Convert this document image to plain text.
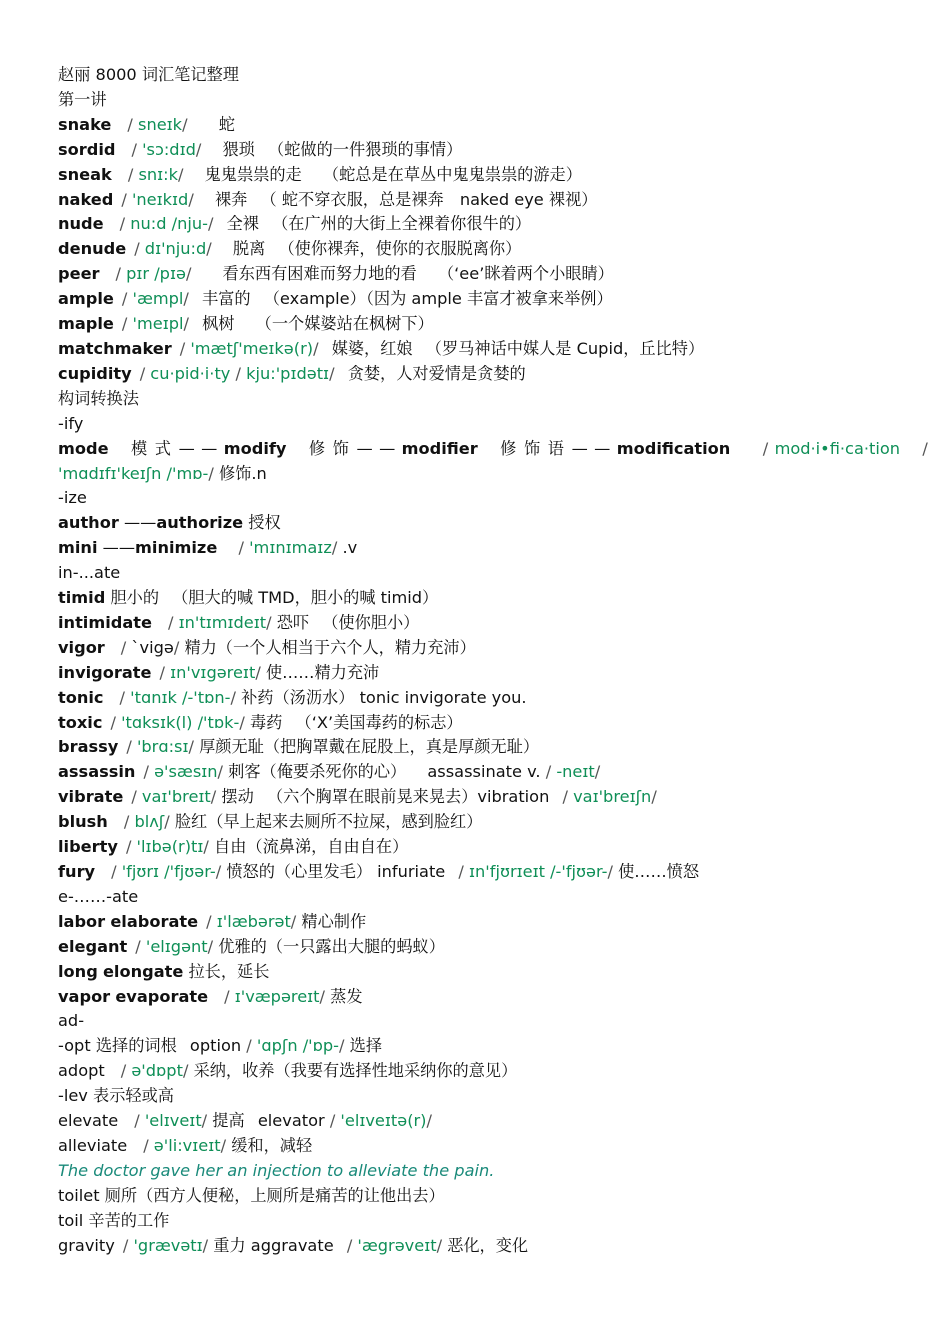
赵丽 8000 词汇笔记整理
第一讲
snake / sneɪk/ 蛇
sordid / 'sɔ:dɪd/ 猥琐 （蛇做的一件猥琐的事情）
sneak / snɪ:k/ 鬼鬼祟祟的走 （蛇总是在草丛中鬼鬼祟祟的游走）
naked / 'neɪkɪd/ 裸奔 （ 蛇不穿衣服，总是裸奔　naked eye 裸视）
nude / nu:d /nju-/ 全裸 （在广州的大街上全裸着你很牛的）
denude / dɪ'nju:d/ 脱离 （使你裸奔，使你的衣服脱离你）
peer / pɪr /pɪə/ 看东西有困难而努力地的看 （‘ee’眯着两个小眼睛）
ample / 'æmpl/ 丰富的 （example）（因为 ample 丰富才被拿来举例）
maple / 'meɪpl/ 枫树 （一个媒婆站在枫树下）
matchmaker / 'mætʃ'meɪkə(r)/ 媒婆，红娘 （罗马神话中媒人是 Cupid，丘比特）
cupidity / cu·pid·i·ty / kju:'pɪdətɪ/ 贪婪，人对爱情是贪婪的
构词转换法
-ify
mode 模 式 — — modify 修 饰 — — modifier 修 饰 语 — — modification / mod·i•fi·ca·tion / 'mɑdɪfɪ'keɪʃn /'mɒ-/ 修饰.n
-ize
author ——authorize 授权
mini ——minimize / 'mɪnɪmaɪz/ .v
in-...ate
timid 胆小的 （胆大的喊 TMD，胆小的喊 timid）
intimidate / ɪn'tɪmɪdeɪt/ 恐吓 （使你胆小）
vigor / `vigə/ 精力（一个人相当于六个人，精力充沛）
invigorate / ɪn'vɪgəreɪt/ 使……精力充沛
tonic / 'tɑnɪk /-'tɒn-/ 补药（汤沥水） tonic invigorate you.
toxic / 'tɑksɪk(l) /'tɒk-/ 毒药 （‘X’美国毒药的标志）
brassy / 'brɑ:sɪ/ 厚颜无耻（把胸罩戴在屁股上，真是厚颜无耻）
assassin / ə'sæsɪn/ 刺客（俺要杀死你的心） assassinate v. / -neɪt/
vibrate / vaɪ'breɪt/ 摆动 （六个胸罩在眼前晃来晃去）vibration / vaɪ'breɪʃn/
blush / blʌʃ/ 脸红（早上起来去厕所不拉屎，感到脸红）
liberty / 'lɪbə(r)tɪ/ 自由（流鼻涕，自由自在）
fury / 'fjʊrɪ /'fjʊər-/ 愤怒的（心里发毛） infuriate / ɪn'fjʊrɪeɪt /-'fjʊər-/ 使……愤怒
e-……-ate
labor elaborate / ɪ'læbərət/ 精心制作
elegant / 'elɪgənt/ 优雅的（一只露出大腿的蚂蚁）
long elongate 拉长，延长
vapor evaporate / ɪ'væpəreɪt/ 蒸发
ad-
-opt 选择的词根 option / 'ɑpʃn /'ɒp-/ 选择
adopt / ə'dɒpt/ 采纳，收养（我要有选择性地采纳你的意见）
-lev 表示轻或高
elevate / 'elɪveɪt/ 提高 elevator / 'elɪveɪtə(r)/
alleviate / ə'li:vɪeɪt/ 缓和，减轻
The doctor gave her an injection to alleviate the pain.
toilet 厕所（西方人便秘，上厕所是痛苦的让他出去）
toil 辛苦的工作
gravity / 'grævətɪ/ 重力 aggravate / 'ægrəveɪt/ 恶化，变化
